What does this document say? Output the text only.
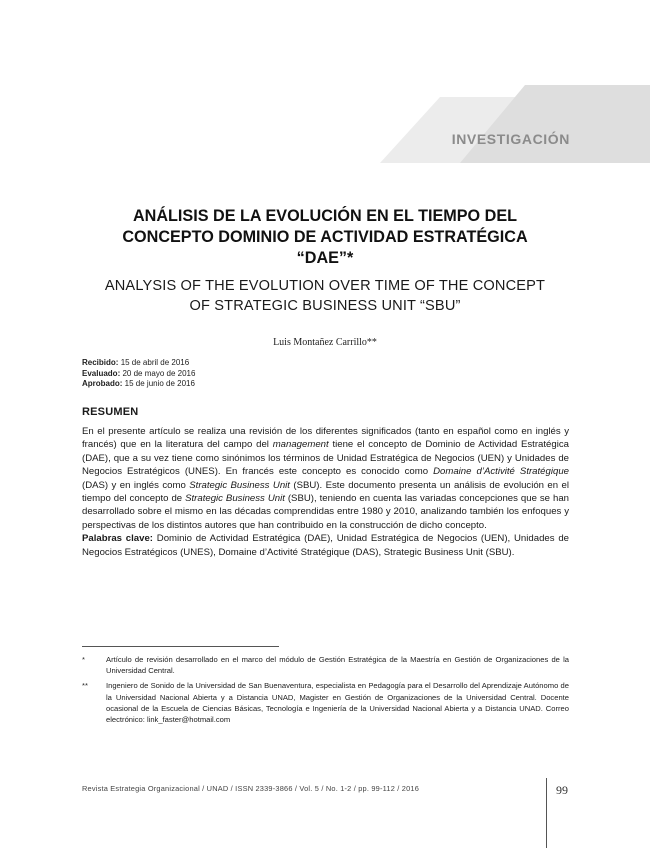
INVESTIGACIÓN
ANÁLISIS DE LA EVOLUCIÓN EN EL TIEMPO DEL
CONCEPTO DOMINIO DE ACTIVIDAD ESTRATÉGICA
“DAE”*
ANALYSIS OF THE EVOLUTION OVER TIME OF THE CONCEPT
OF STRATEGIC BUSINESS UNIT “SBU”
Luis Montañez Carrillo**
Recibido: 15 de abril de 2016
Evaluado: 20 de mayo de 2016
Aprobado: 15 de junio de 2016
RESUMEN
En el presente artículo se realiza una revisión de los diferentes significados (tanto en español como en inglés y francés) que en la literatura del campo del management tiene el concepto de Dominio de Actividad Estratégica (DAE), que a su vez tiene como sinónimos los términos de Unidad Estratégica de Negocios (UEN) y Unidades de Negocios Estratégicos (UNES). En francés este concepto es conocido como Domaine d’Activité Stratégique (DAS) y en inglés como Strategic Business Unit (SBU). Este documento presenta un análisis de evolución en el tiempo del concepto de Strategic Business Unit (SBU), teniendo en cuenta las variadas concepciones que se han desarrollado sobre el mismo en las décadas comprendidas entre 1980 y 2010, analizando también los enfoques y perspectivas de los distintos autores que han contribuido en la construcción de dicho concepto.
Palabras clave: Dominio de Actividad Estratégica (DAE), Unidad Estratégica de Negocios (UEN), Unidades de Negocios Estratégicos (UNES), Domaine d’Activité Stratégique (DAS), Strategic Business Unit (SBU).
*	Artículo de revisión desarrollado en el marco del módulo de Gestión Estratégica de la Maestría en Gestión de Organizaciones de la Universidad Central.
**	Ingeniero de Sonido de la Universidad de San Buenaventura, especialista en Pedagogía para el Desarrollo del Aprendizaje Autónomo de la Universidad Nacional Abierta y a Distancia UNAD, Magister en Gestión de Organizaciones de la Universidad Central. Docente ocasional de la Escuela de Ciencias Básicas, Tecnología e Ingeniería de la Universidad Nacional Abierta y a Distancia UNAD. Correo electrónico: link_faster@hotmail.com
Revista Estrategia Organizacional / UNAD / ISSN 2339-3866 / Vol. 5 / No. 1-2 / pp. 99-112 / 2016	99
